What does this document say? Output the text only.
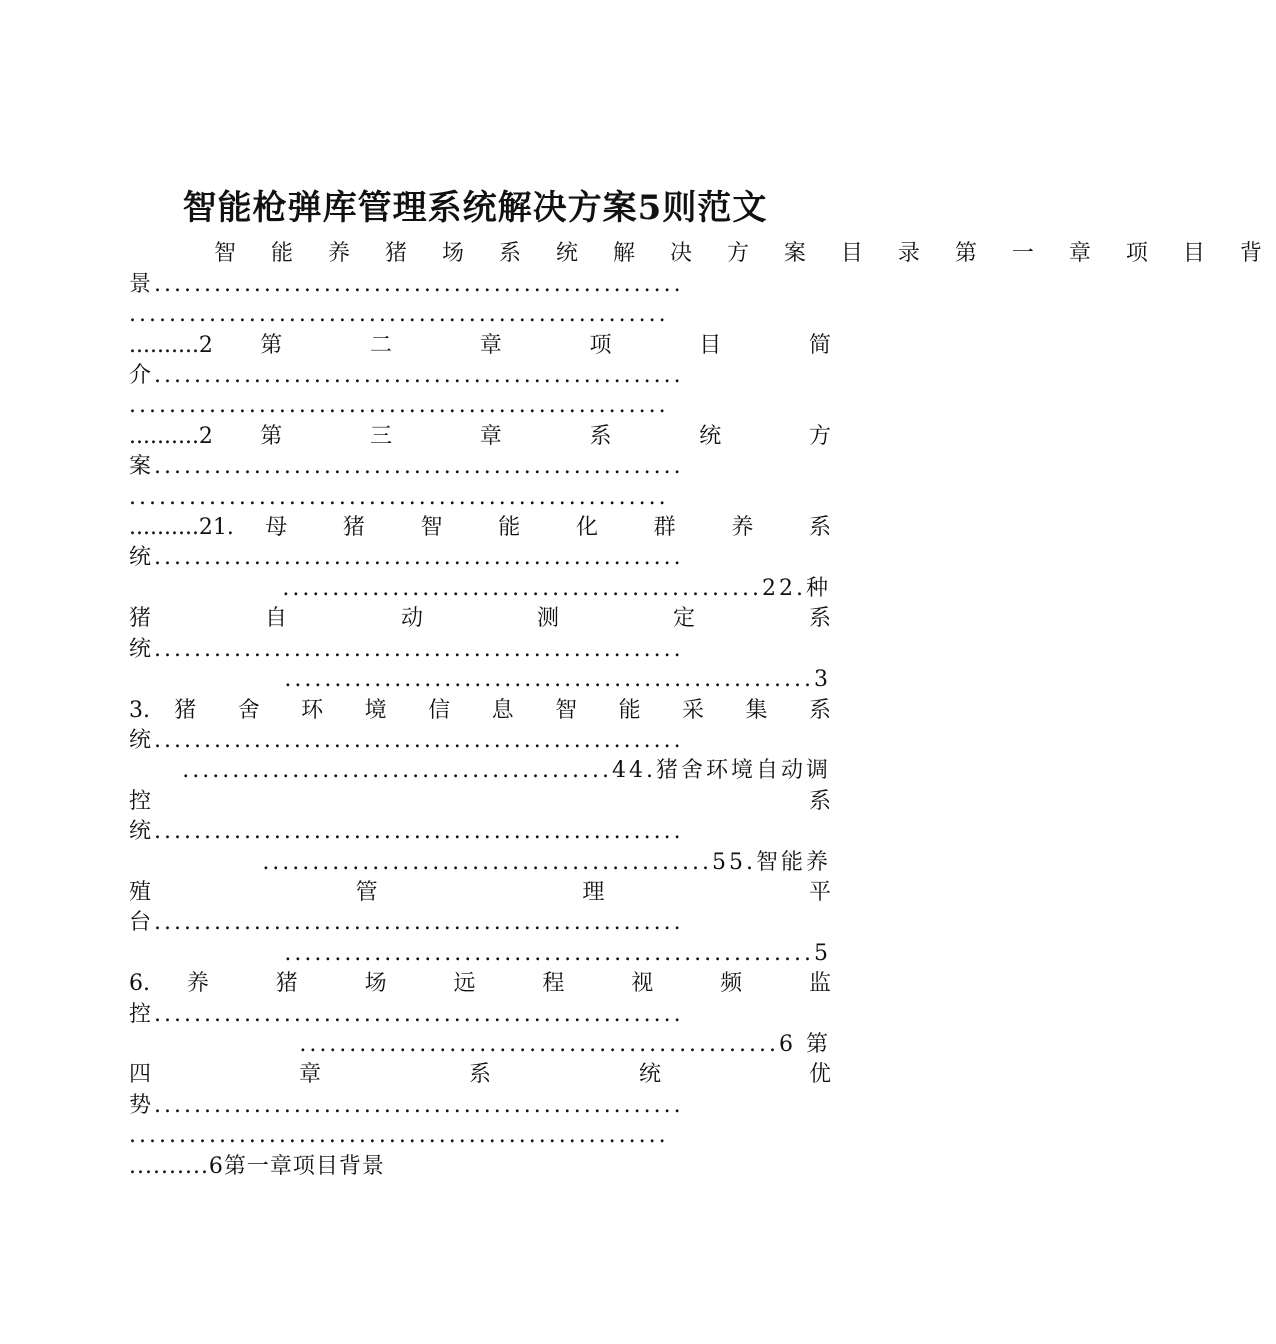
智能枪弹库管理系统解决方案5则范文
智 能 养 猪 场 系 统 解 决 方 案 目 录 第 一 章 项 目 背
景.....................................................
......................................................
..........2 第 二 章 项 目 简
介.....................................................
......................................................
..........2 第 三 章 系 统 方
案.....................................................
......................................................
..........21. 母 猪 智 能 化 群 养 系
统.....................................................
................................................22.种
猪 自 动 测 定 系
统.....................................................
.....................................................3
3. 猪 舍 环 境 信 息 智 能 采 集 系
统.....................................................
...........................................44.猪舍环境自动调
控 系
统.....................................................
.............................................55.智能养
殖 管 理 平
台.....................................................
.....................................................5
6. 养 猪 场 远 程 视 频 监
控.....................................................
................................................6 第
四 章 系 统 优
势.....................................................
......................................................
..........6第一章项目背景
